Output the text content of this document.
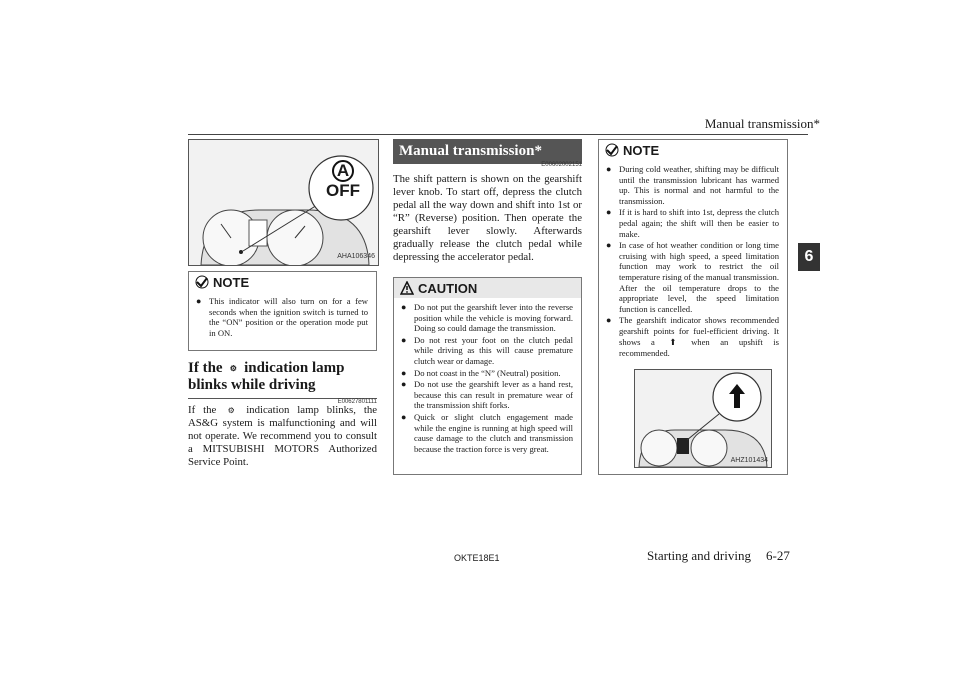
Manual transmission*
6
A
OFF
AHA106346
NOTE
● This indicator will also turn on for a few seconds when the ignition switch is turned to the “ON” position or the operation mode put in ON.
If the ⚙ indication lamp blinks while driving
E00627801111
If the ⚙ indication lamp blinks, the AS&G system is malfunctioning and will not operate. We recommend you to consult a MITSUBISHI MOTORS Authorized Service Point.
Manual transmission*
E00602002151
The shift pattern is shown on the gearshift lever knob. To start off, depress the clutch pedal all the way down and shift into 1st or “R” (Reverse) position. Then operate the gearshift lever slowly. Afterwards gradually release the clutch pedal while depressing the accelerator pedal.
CAUTION
● Do not put the gearshift lever into the reverse position while the vehicle is moving forward. Doing so could damage the transmission.
● Do not rest your foot on the clutch pedal while driving as this will cause premature clutch wear or damage.
● Do not coast in the “N” (Neutral) position.
● Do not use the gearshift lever as a hand rest, because this can result in premature wear of the transmission shift forks.
● Quick or slight clutch engagement made while the engine is running at high speed will cause damage to the clutch and transmission because the traction force is very great.
NOTE
● During cold weather, shifting may be difficult until the transmission lubricant has warmed up. This is normal and not harmful to the transmission.
● If it is hard to shift into 1st, depress the clutch pedal again; the shift will then be easier to make.
● In case of hot weather condition or long time cruising with high speed, a speed limitation function may work to restrict the oil temperature rising of the manual transmission. After the oil temperature drops to the appropriate level, the speed limitation function is cancelled.
● The gearshift indicator shows recommended gearshift points for fuel-efficient driving. It shows a ⬆ when an upshift is recommended.
AHZ101434
OKTE18E1	Starting and driving 6-27
